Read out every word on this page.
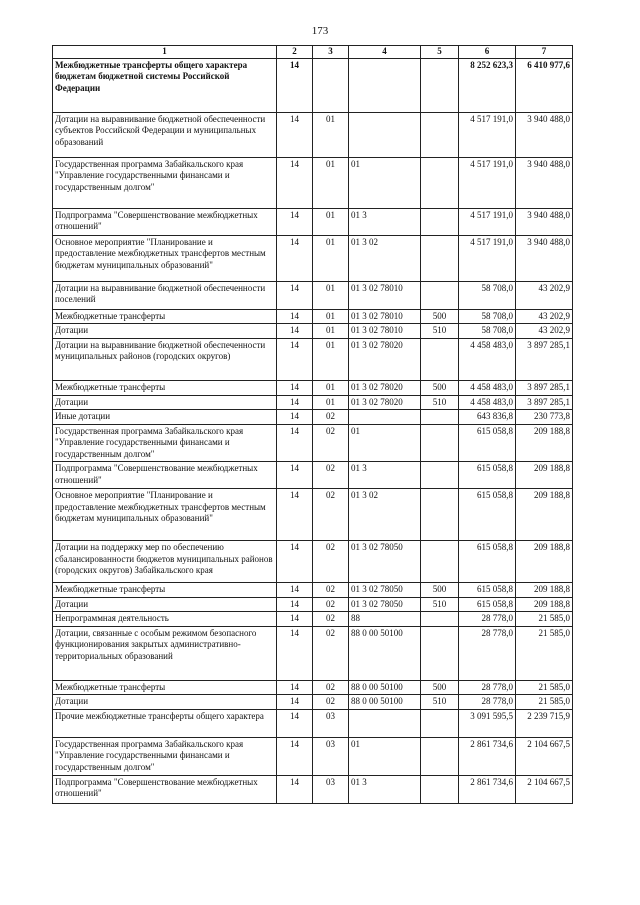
173
1	2	3	4	5	6	7
Межбюджетные трансферты общего характера бюджетам бюджетной системы Российской Федерации	14				8 252 623,3	6 410 977,6
Дотации на выравнивание бюджетной обеспеченности субъектов Российской Федерации и муниципальных образований	14	01			4 517 191,0	3 940 488,0
Государственная программа Забайкальского края "Управление государственными финансами и государственным долгом"	14	01	01		4 517 191,0	3 940 488,0
Подпрограмма "Совершенствование межбюджетных отношений"	14	01	01 3		4 517 191,0	3 940 488,0
Основное мероприятие "Планирование и предоставление межбюджетных трансфертов местным бюджетам муниципальных образований"	14	01	01 3 02		4 517 191,0	3 940 488,0
Дотации на выравнивание бюджетной обеспеченности поселений	14	01	01 3 02 78010		58 708,0	43 202,9
Межбюджетные трансферты	14	01	01 3 02 78010	500	58 708,0	43 202,9
Дотации	14	01	01 3 02 78010	510	58 708,0	43 202,9
Дотации на выравнивание бюджетной обеспеченности муниципальных районов (городских округов)	14	01	01 3 02 78020		4 458 483,0	3 897 285,1
Межбюджетные трансферты	14	01	01 3 02 78020	500	4 458 483,0	3 897 285,1
Дотации	14	01	01 3 02 78020	510	4 458 483,0	3 897 285,1
Иные дотации	14	02			643 836,8	230 773,8
Государственная программа Забайкальского края "Управление государственными финансами и государственным долгом"	14	02	01		615 058,8	209 188,8
Подпрограмма "Совершенствование межбюджетных отношений"	14	02	01 3		615 058,8	209 188,8
Основное мероприятие "Планирование и предоставление межбюджетных трансфертов местным бюджетам муниципальных образований"	14	02	01 3 02		615 058,8	209 188,8
Дотации на поддержку мер по обеспечению сбалансированности бюджетов муниципальных районов (городских округов) Забайкальского края	14	02	01 3 02 78050		615 058,8	209 188,8
Межбюджетные трансферты	14	02	01 3 02 78050	500	615 058,8	209 188,8
Дотации	14	02	01 3 02 78050	510	615 058,8	209 188,8
Непрограммная деятельность	14	02	88		28 778,0	21 585,0
Дотации, связанные с особым режимом безопасного функционирования закрытых административно-территориальных образований	14	02	88 0 00 50100		28 778,0	21 585,0
Межбюджетные трансферты	14	02	88 0 00 50100	500	28 778,0	21 585,0
Дотации	14	02	88 0 00 50100	510	28 778,0	21 585,0
Прочие межбюджетные трансферты общего характера	14	03			3 091 595,5	2 239 715,9
Государственная программа Забайкальского края "Управление государственными финансами и государственным долгом"	14	03	01		2 861 734,6	2 104 667,5
Подпрограмма "Совершенствование межбюджетных отношений"	14	03	01 3		2 861 734,6	2 104 667,5
